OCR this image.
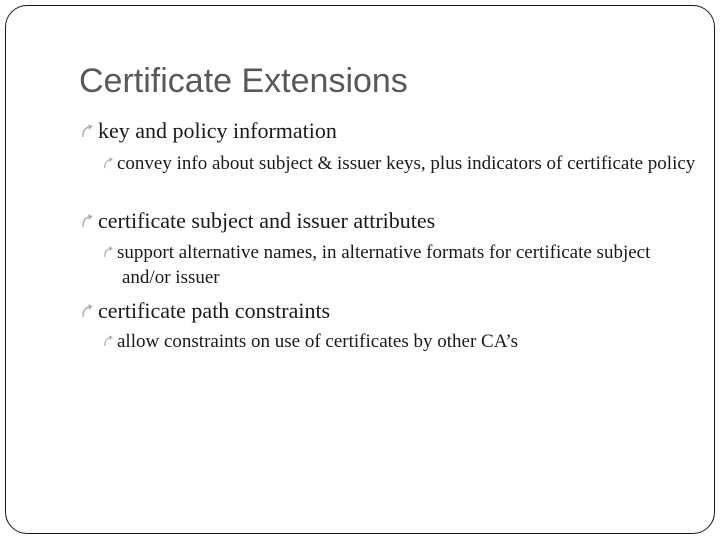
Certificate Extensions
key and policy information
convey info about subject & issuer keys, plus indicators of certificate policy
certificate subject and issuer attributes
support alternative names, in alternative formats for certificate subject and/or issuer
certificate path constraints
allow constraints on use of certificates by other CA’s
